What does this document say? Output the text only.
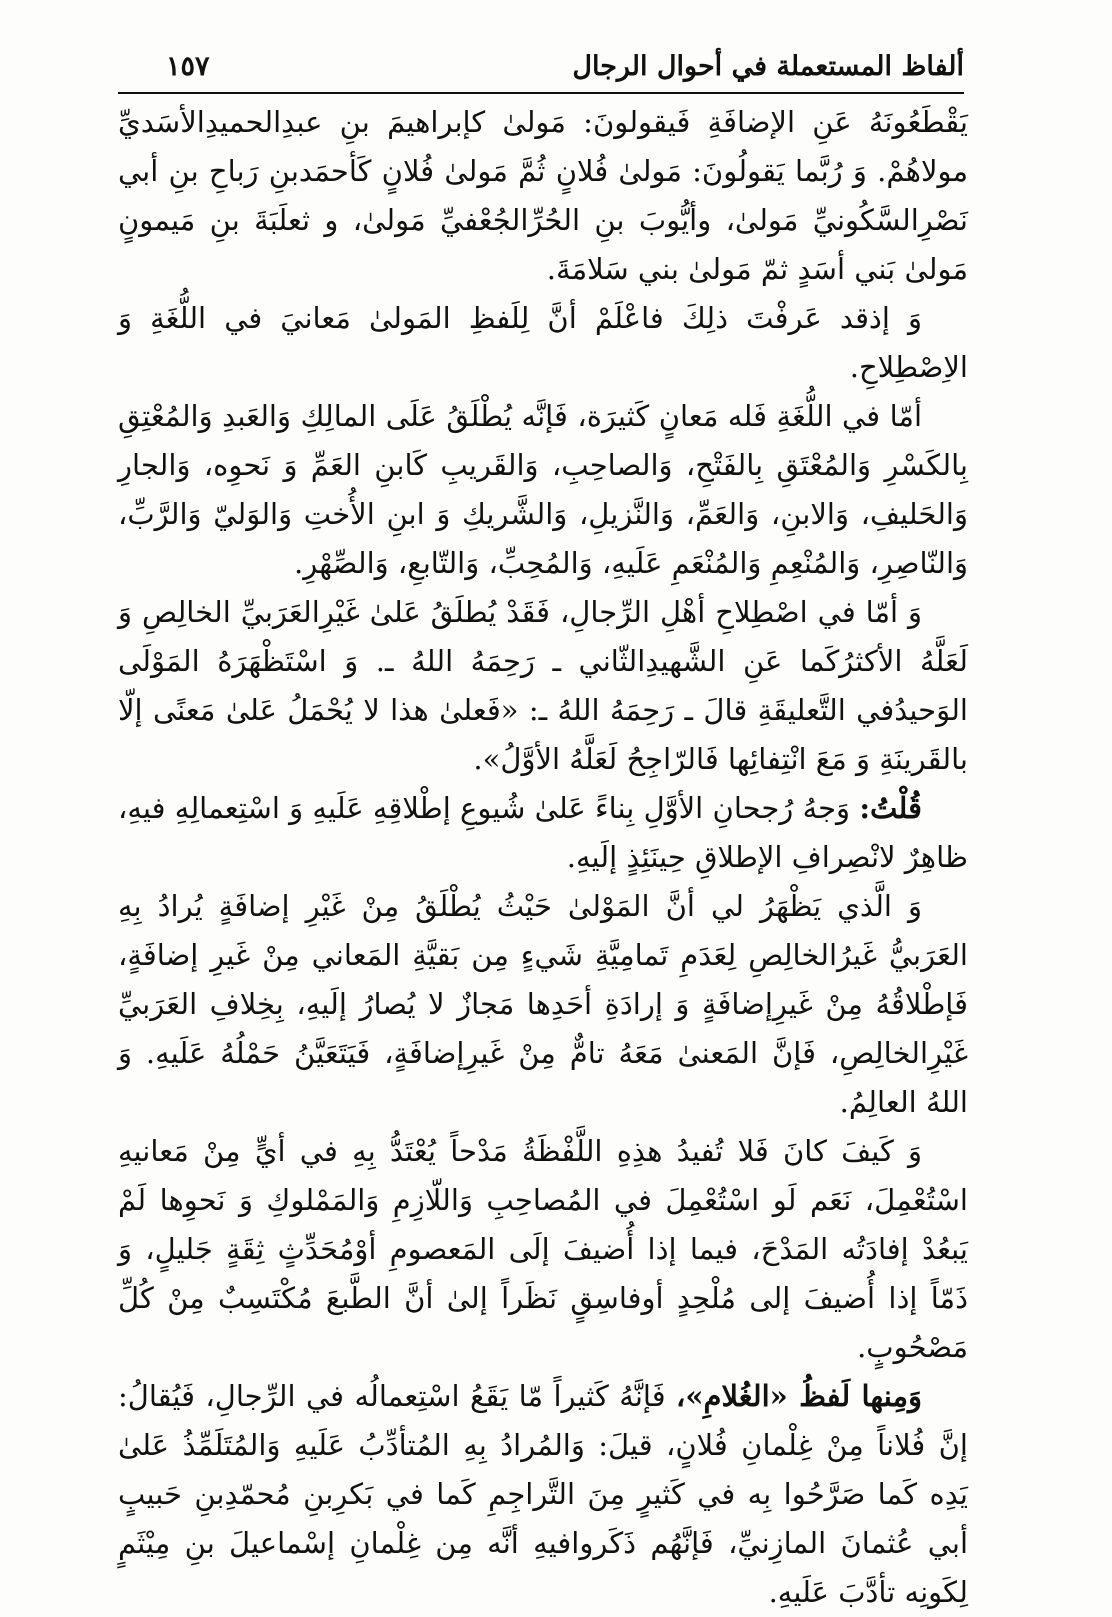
ألفاظ المستعملة في أحوال الرجال
١٥٧

يَقْطَعُونَهُ عَنِ الإضافَةِ فَيقولونَ: مَولىٰ كإبراهيمَ بنِ عبدِالحميدِالأسَديِّ مولاهُمْ. وَ رُبَّما يَقولُونَ: مَولىٰ فُلانٍ ثُمَّ مَولىٰ فُلانٍ كَأحمَدبنِ رَباحِ بنِ أبي نَصْرِالسَّكُونيِّ مَولىٰ، وأيُّوبَ بنِ الحُرِّالجُعْفيِّ مَولىٰ، و ثعلَبَةَ بنِ مَيمونٍ مَولىٰ بَني أسَدٍ ثمّ مَولىٰ بني سَلامَةَ.

وَ إذقد عَرفْتَ ذلِكَ فاعْلَمْ أنَّ لِلَفظِ المَولىٰ مَعانيَ في اللُّغَةِ وَ الاِصْطِلاحِ.

أمّا في اللُّغَةِ فَله مَعانٍ كَثيرَة، فَإنَّه يُطْلَقُ عَلَى المالِكِ وَالعَبدِ وَالمُعْتِقِ بِالكَسْرِ وَالمُعْتَقِ بِالفَتْحِ، وَالصاحِبِ، وَالقَريبِ كَابنِ العَمِّ وَ نَحوِه، وَالجارِ وَالحَليفِ، وَالابنِ، وَالعَمِّ، وَالنَّزيلِ، وَالشَّريكِ وَ ابنِ الأُختِ وَالوَليّ وَالرَّبِّ، وَالنّاصِرِ، وَالمُنْعِمِ وَالمُنْعَمِ عَلَيهِ، وَالمُحِبِّ، وَالتّابعِ، وَالصِّهْرِ.

وَ أمّا في اصْطِلاحِ أهْلِ الرِّجالِ، فَقَدْ يُطلَقُ عَلىٰ غَيْرِالعَرَبيِّ الخالِصِ وَ لَعَلَّهُ الأكثرُكَما عَنِ الشَّهيدِالثّاني ـ رَحِمَهُ اللهُ ـ. وَ اسْتَظْهَرَهُ المَوْلَى الوَحيدُفي التَّعليقَةِ قالَ ـ رَحِمَهُ اللهُ ـ: «فَعلىٰ هذا لا يُحْمَلُ عَلىٰ مَعنًى إلّا بالقَرينَةِ وَ مَعَ انْتِفائِها فَالرّاجِحُ لَعَلَّهُ الأوَّلُ».

قُلْتُ: وَجهُ رُجحانِ الأوَّلِ بِناءً عَلىٰ شُيوعِ إطْلاقِهِ عَلَيهِ وَ اسْتِعمالِهِ فيهِ، ظاهِرٌ لانْصِرافِ الإطلاقِ حِينَئِذٍ إلَيهِ.

وَ الَّذي يَظْهَرُ لي أنَّ المَوْلىٰ حَيْثُ يُطْلَقُ مِنْ غَيْرِ إضافَةٍ يُرادُ بِهِ العَرَبيُّ غَيرُالخالِصِ لِعَدَمِ تَمامِيَّةِ شَيءٍ مِن بَقيَّةِ المَعاني مِنْ غَيرِ إضافَةٍ، فَإطْلاقُهُ مِنْ غَيرِإضافَةٍ وَ إرادَةِ أحَدِها مَجازٌ لا يُصارُ إلَيهِ، بِخِلافِ العَرَبيِّ غَيْرِالخالِصِ، فَإنَّ المَعنىٰ مَعَهُ تامٌّ مِنْ غَيرِإضافَةٍ، فَيَتَعَيَّنُ حَمْلُهُ عَلَيهِ. وَ اللهُ العالِمُ.

وَ كَيفَ كانَ فَلا تُفيدُ هذِهِ اللَّفْظَةُ مَدْحاً يُعْتَدُّ بِهِ في أيٍّ مِنْ مَعانيهِ اسْتُعْمِلَ، نَعَم لَو اسْتُعْمِلَ في المُصاحِبِ وَاللّازِمِ وَالمَمْلوكِ وَ نَحوِها لَمْ يَبعُدْ إفادَتُه المَدْحَ، فيما إذا أُضيفَ إلَى المَعصومِ أوْمُحَدِّثٍ ثِقَةٍ جَليلٍ، وَ ذَمّاً إذا أُضيفَ إلى مُلْحِدٍ أوفاسِقٍ نَظَراً إلىٰ أنَّ الطَّبعَ مُكْتَسِبٌ مِنْ كُلِّ مَصْحُوبٍ.

وَمِنها لَفظُ «الغُلامِ»، فَإنَّهُ كَثيراً مّا يَقَعُ اسْتِعمالُه في الرِّجالِ، فَيُقالُ: إنَّ فُلاناً مِنْ غِلْمانِ فُلانٍ، قيلَ: وَالمُرادُ بِهِ المُتأدِّبُ عَلَيهِ وَالمُتَلَمِّذُ عَلىٰ يَدِه كَما صَرَّحُوا بِه في كَثيرٍ مِنَ التَّراجِمِ كَما في بَكرِبنِ مُحمّدِبنِ حَبيبٍ أبي عُثمانَ المازِنيِّ، فَإنَّهُم ذَكَروافيهِ أنَّه مِن غِلْمانِ إسْماعيلَ بنِ مِيْثَمٍ لِكَونِه تأدَّبَ عَلَيهِ.
